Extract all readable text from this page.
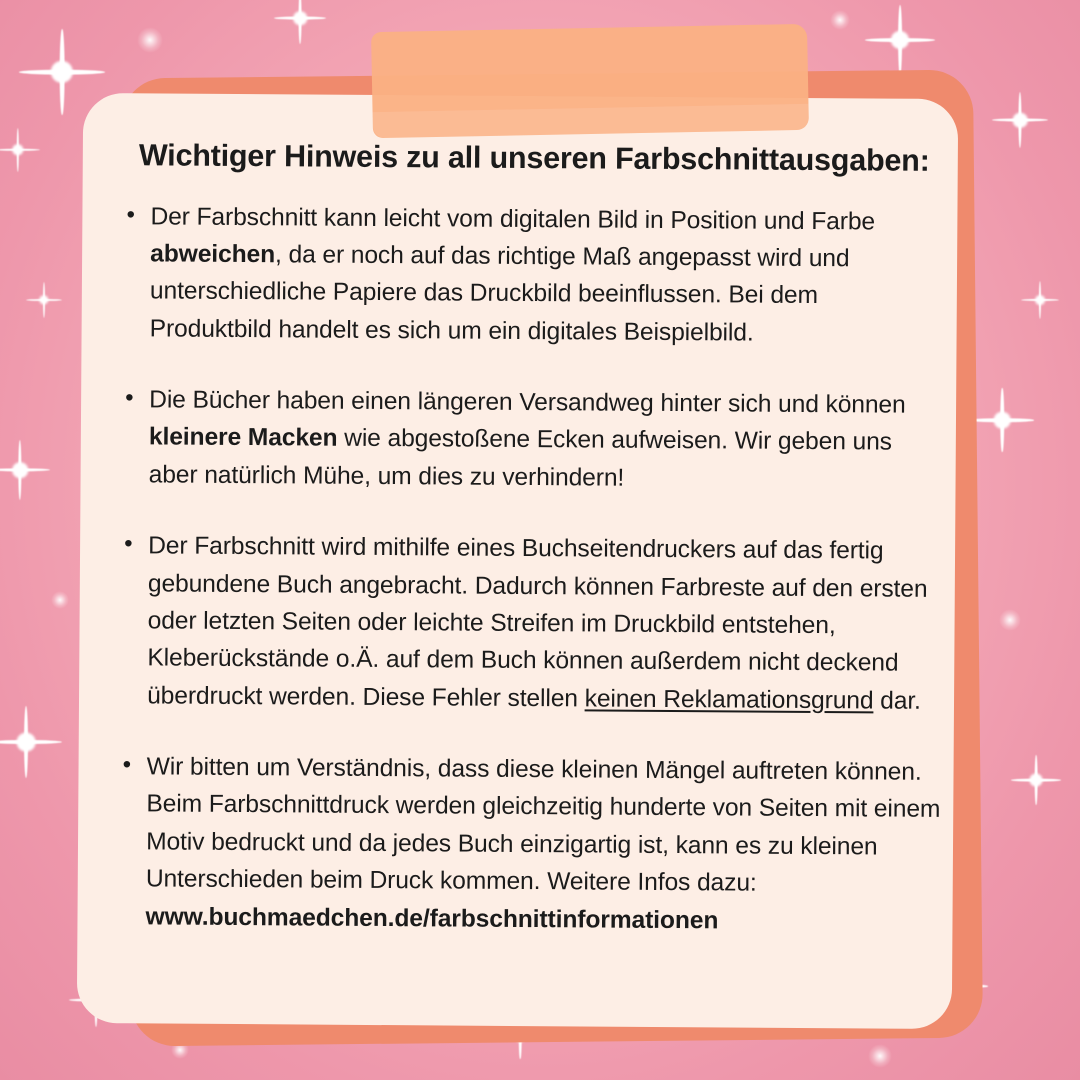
Wichtiger Hinweis zu all unseren Farbschnittausgaben:
• Der Farbschnitt kann leicht vom digitalen Bild in Position und Farbe abweichen, da er noch auf das richtige Maß angepasst wird und unterschiedliche Papiere das Druckbild beeinflussen. Bei dem Produktbild handelt es sich um ein digitales Beispielbild.
• Die Bücher haben einen längeren Versandweg hinter sich und können kleinere Macken wie abgestoßene Ecken aufweisen. Wir geben uns aber natürlich Mühe, um dies zu verhindern!
• Der Farbschnitt wird mithilfe eines Buchseitendruckers auf das fertig gebundene Buch angebracht. Dadurch können Farbreste auf den ersten oder letzten Seiten oder leichte Streifen im Druckbild entstehen, Kleberückstände o.Ä. auf dem Buch können außerdem nicht deckend überdruckt werden. Diese Fehler stellen keinen Reklamationsgrund dar.
• Wir bitten um Verständnis, dass diese kleinen Mängel auftreten können. Beim Farbschnittdruck werden gleichzeitig hunderte von Seiten mit einem Motiv bedruckt und da jedes Buch einzigartig ist, kann es zu kleinen Unterschieden beim Druck kommen. Weitere Infos dazu: www.buchmaedchen.de/farbschnittinformationen
